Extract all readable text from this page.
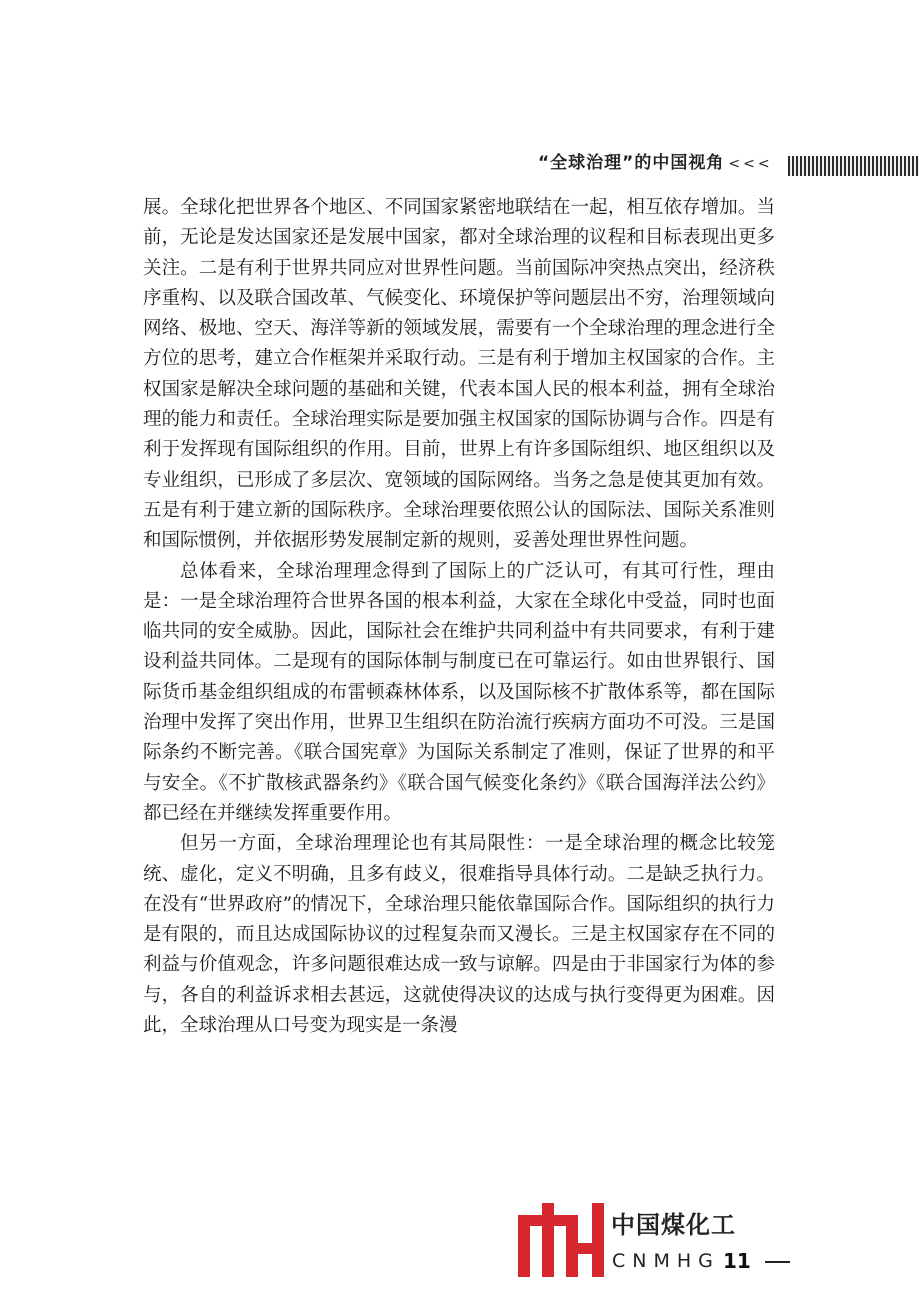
“全球治理”的中国视角 <<<

展。全球化把世界各个地区、不同国家紧密地联结在一起，相互依存增加。当前，无论是发达国家还是发展中国家，都对全球治理的议程和目标表现出更多关注。二是有利于世界共同应对世界性问题。当前国际冲突热点突出，经济秩序重构、以及联合国改革、气候变化、环境保护等问题层出不穷，治理领域向网络、极地、空天、海洋等新的领域发展，需要有一个全球治理的理念进行全方位的思考，建立合作框架并采取行动。三是有利于增加主权国家的合作。主权国家是解决全球问题的基础和关键，代表本国人民的根本利益，拥有全球治理的能力和责任。全球治理实际是要加强主权国家的国际协调与合作。四是有利于发挥现有国际组织的作用。目前，世界上有许多国际组织、地区组织以及专业组织，已形成了多层次、宽领域的国际网络。当务之急是使其更加有效。五是有利于建立新的国际秩序。全球治理要依照公认的国际法、国际关系准则和国际惯例，并依据形势发展制定新的规则，妥善处理世界性问题。

总体看来，全球治理理念得到了国际上的广泛认可，有其可行性，理由是：一是全球治理符合世界各国的根本利益，大家在全球化中受益，同时也面临共同的安全威胁。因此，国际社会在维护共同利益中有共同要求，有利于建设利益共同体。二是现有的国际体制与制度已在可靠运行。如由世界银行、国际货币基金组织组成的布雷顿森林体系，以及国际核不扩散体系等，都在国际治理中发挥了突出作用，世界卫生组织在防治流行疾病方面功不可没。三是国际条约不断完善。《联合国宪章》为国际关系制定了准则，保证了世界的和平与安全。《不扩散核武器条约》《联合国气候变化条约》《联合国海洋法公约》都已经在并继续发挥重要作用。

但另一方面，全球治理理论也有其局限性：一是全球治理的概念比较笼统、虚化，定义不明确，且多有歧义，很难指导具体行动。二是缺乏执行力。在没有“世界政府”的情况下，全球治理只能依靠国际合作。国际组织的执行力是有限的，而且达成国际协议的过程复杂而又漫长。三是主权国家存在不同的利益与价值观念，许多问题很难达成一致与谅解。四是由于非国家行为体的参与，各自的利益诉求相去甚远，这就使得决议的达成与执行变得更为困难。因此，全球治理从口号变为现实是一条漫

中国煤化工
CNMHG 11
